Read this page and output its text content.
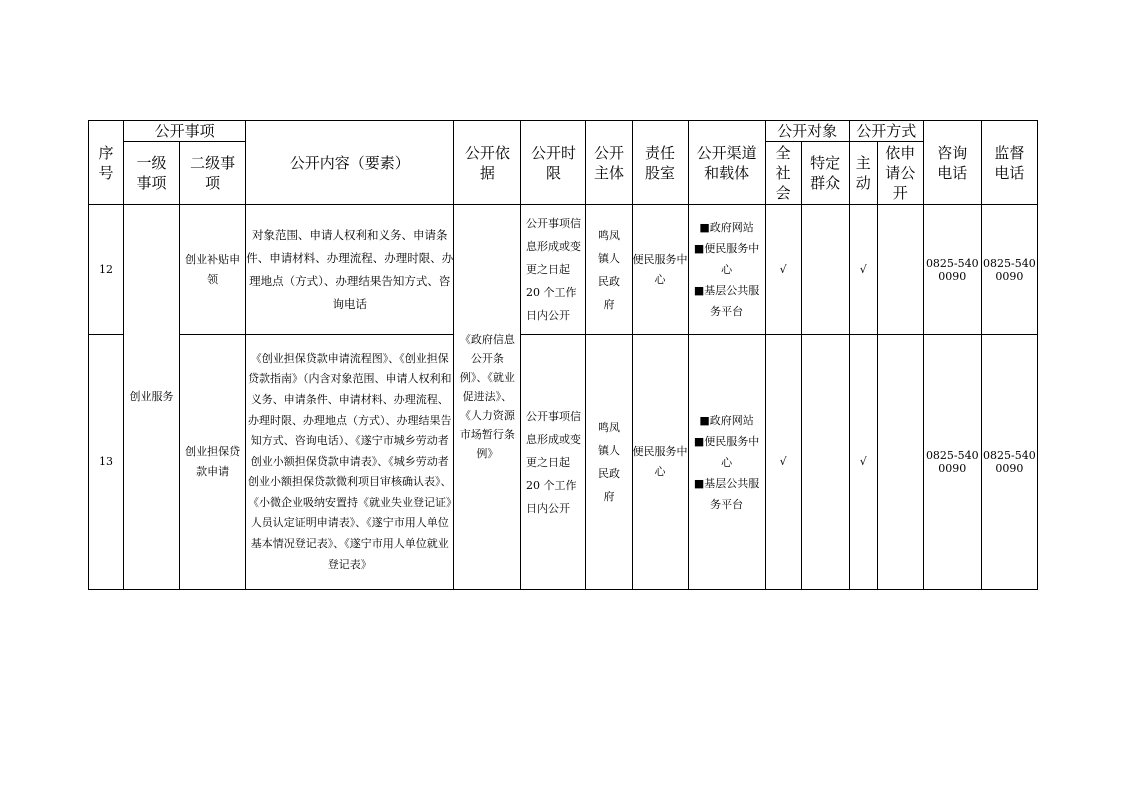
序号	公开事项		公开内容（要素）	公开依据	公开时限	公开主体	责任股室	公开渠道和载体	公开对象		公开方式		咨询电话	监督电话
	一级事项	二级事项							全社会	特定群众	主动	依申请公开		
12	创业服务	创业补贴申领	对象范围、申请人权利和义务、申请条件、申请材料、办理流程、办理时限、办理地点（方式）、办理结果告知方式、咨询电话	《政府信息公开条例》、《就业促进法》、《人力资源市场暂行条例》	公开事项信息形成或变更之日起20 个工作日内公开	鸣凤镇人民政府	便民服务中心	■政府网站
■便民服务中心
■基层公共服务平台	√		√		0825-5400090	0825-5400090
13		创业担保贷款申请	《创业担保贷款申请流程图》、《创业担保贷款指南》（内含对象范围、申请人权利和义务、申请条件、申请材料、办理流程、办理时限、办理地点（方式）、办理结果告知方式、咨询电话）、《遂宁市城乡劳动者创业小额担保贷款申请表》、《城乡劳动者创业小额担保贷款微利项目审核确认表》、《小微企业吸纳安置持《就业失业登记证》人员认定证明申请表》、《遂宁市用人单位基本情况登记表》、《遂宁市用人单位就业登记表》		公开事项信息形成或变更之日起20 个工作日内公开	鸣凤镇人民政府	便民服务中心	■政府网站
■便民服务中心
■基层公共服务平台	√		√		0825-5400090	0825-5400090
